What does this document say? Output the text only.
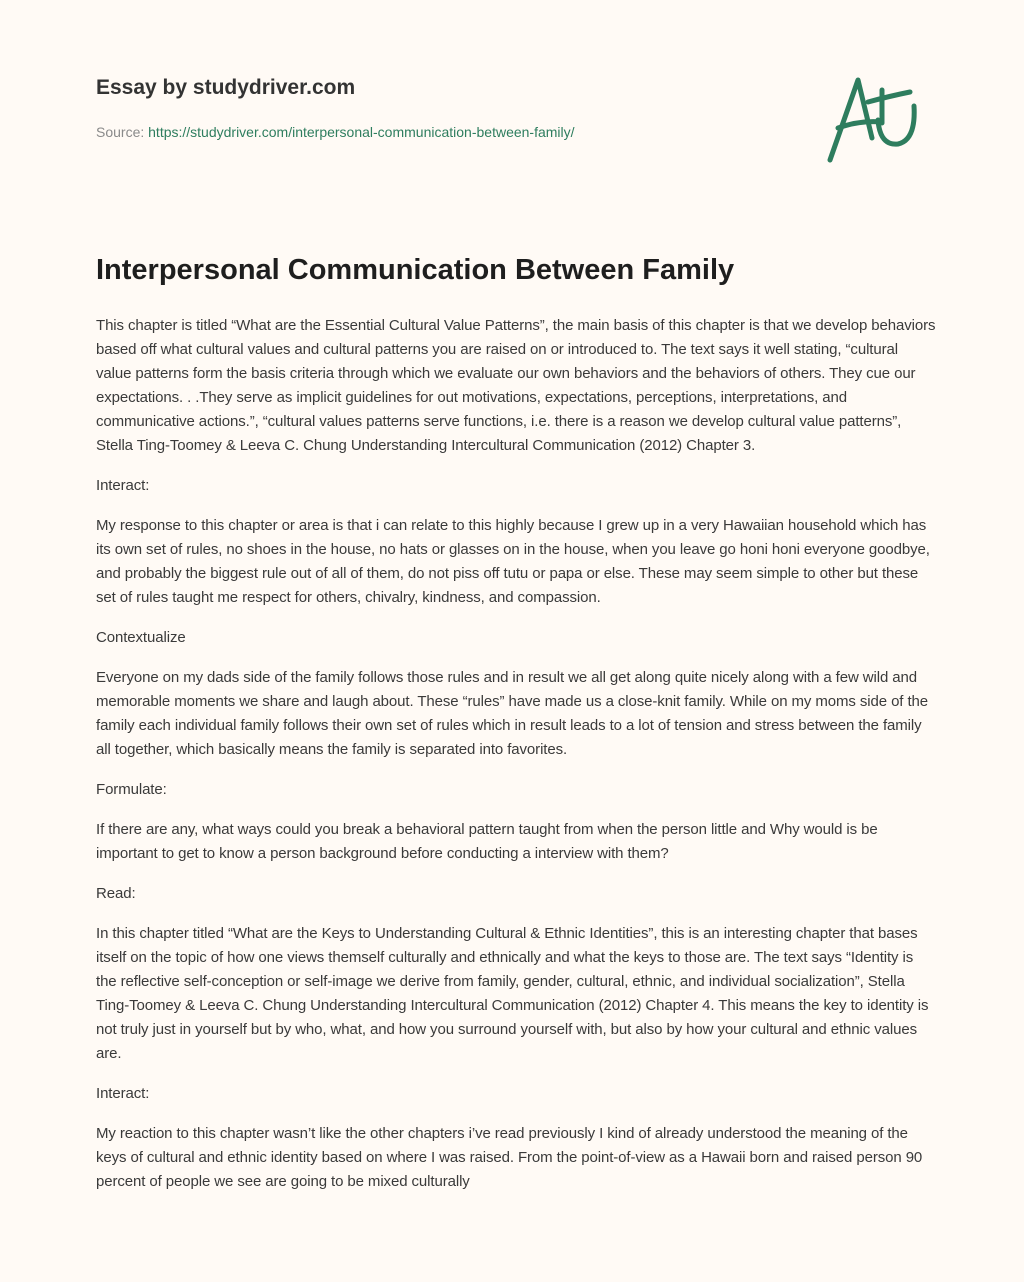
Essay by studydriver.com
Source: https://studydriver.com/interpersonal-communication-between-family/
Interpersonal Communication Between Family

This chapter is titled “What are the Essential Cultural Value Patterns”, the main basis of this chapter is that we develop behaviors based off what cultural values and cultural patterns you are raised on or introduced to. The text says it well stating, “cultural value patterns form the basis criteria through which we evaluate our own behaviors and the behaviors of others. They cue our expectations. . .They serve as implicit guidelines for out motivations, expectations, perceptions, interpretations, and communicative actions.”, “cultural values patterns serve functions, i.e. there is a reason we develop cultural value patterns”, Stella Ting-Toomey & Leeva C. Chung Understanding Intercultural Communication (2012) Chapter 3.

Interact:

My response to this chapter or area is that i can relate to this highly because I grew up in a very Hawaiian household which has its own set of rules, no shoes in the house, no hats or glasses on in the house, when you leave go honi honi everyone goodbye, and probably the biggest rule out of all of them, do not piss off tutu or papa or else. These may seem simple to other but these set of rules taught me respect for others, chivalry, kindness, and compassion.

Contextualize

Everyone on my dads side of the family follows those rules and in result we all get along quite nicely along with a few wild and memorable moments we share and laugh about. These “rules” have made us a close-knit family. While on my moms side of the family each individual family follows their own set of rules which in result leads to a lot of tension and stress between the family all together, which basically means the family is separated into favorites.

Formulate:

If there are any, what ways could you break a behavioral pattern taught from when the person little and Why would is be important to get to know a person background before conducting a interview with them?

Read:

In this chapter titled “What are the Keys to Understanding Cultural & Ethnic Identities”, this is an interesting chapter that bases itself on the topic of how one views themself culturally and ethnically and what the keys to those are. The text says “Identity is the reflective self-conception or self-image we derive from family, gender, cultural, ethnic, and individual socialization”, Stella Ting-Toomey & Leeva C. Chung Understanding Intercultural Communication (2012) Chapter 4. This means the key to identity is not truly just in yourself but by who, what, and how you surround yourself with, but also by how your cultural and ethnic values are.

Interact:

My reaction to this chapter wasn’t like the other chapters i’ve read previously I kind of already understood the meaning of the keys of cultural and ethnic identity based on where I was raised. From the point-of-view as a Hawaii born and raised person 90 percent of people we see are going to be mixed culturally
